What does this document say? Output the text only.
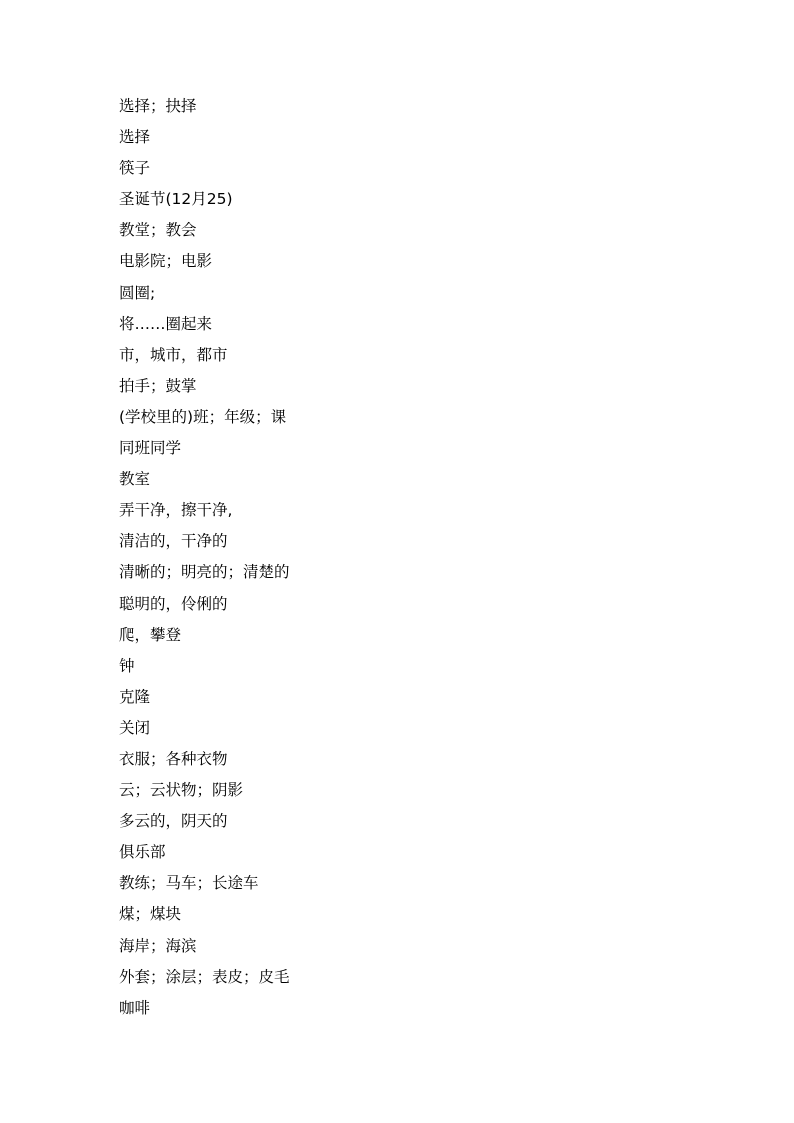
选择；抉择
选择
筷子
圣诞节(12月25)
教堂；教会
电影院；电影
圆圈;
将……圈起来
市，城市，都市
拍手；鼓掌
(学校里的)班；年级；课
同班同学
教室
弄干净，擦干净,
清洁的，干净的
清晰的；明亮的；清楚的
聪明的，伶俐的
爬，攀登
钟
克隆
关闭
衣服；各种衣物
云；云状物；阴影
多云的，阴天的
俱乐部
教练；马车；长途车
煤；煤块
海岸；海滨
外套；涂层；表皮；皮毛
咖啡
